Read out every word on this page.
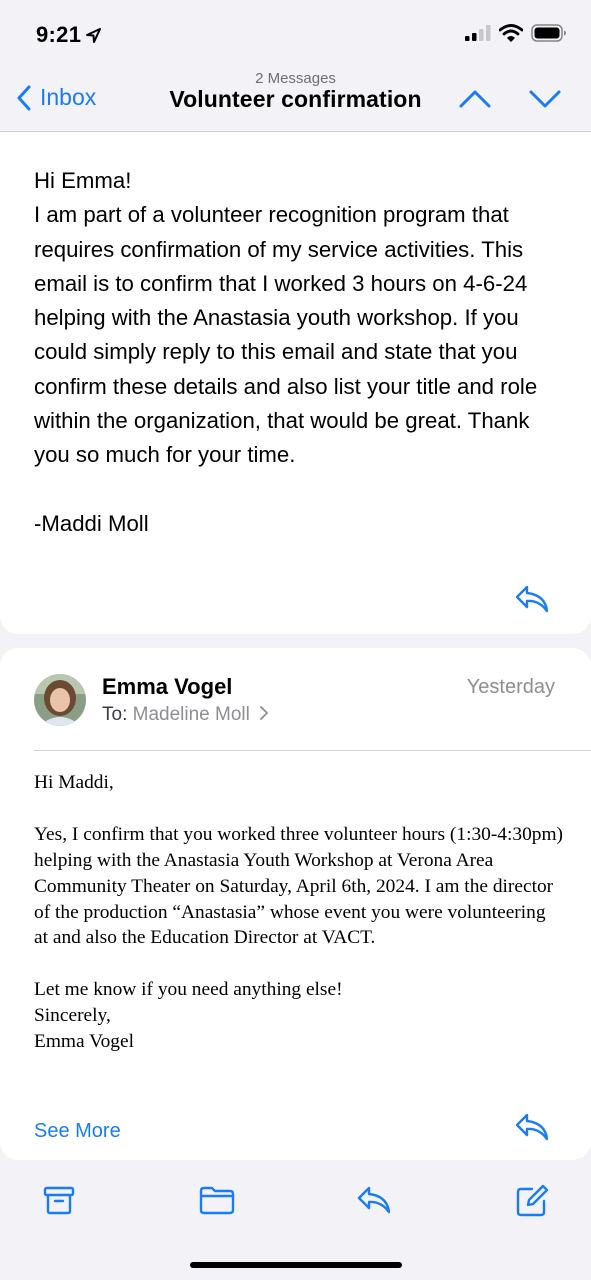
9:21
Inbox
2 Messages
Volunteer confirmation
Hi Emma!
I am part of a volunteer recognition program that requires confirmation of my service activities. This email is to confirm that I worked 3 hours on 4-6-24 helping with the Anastasia youth workshop. If you could simply reply to this email and state that you confirm these details and also list your title and role within the organization, that would be great. Thank you so much for your time.
-Maddi Moll
Emma Vogel	Yesterday
To: Madeline Moll
Hi Maddi,
Yes, I confirm that you worked three volunteer hours (1:30-4:30pm) helping with the Anastasia Youth Workshop at Verona Area Community Theater on Saturday, April 6th, 2024. I am the director of the production “Anastasia” whose event you were volunteering at and also the Education Director at VACT.
Let me know if you need anything else!
Sincerely,
Emma Vogel
See More
